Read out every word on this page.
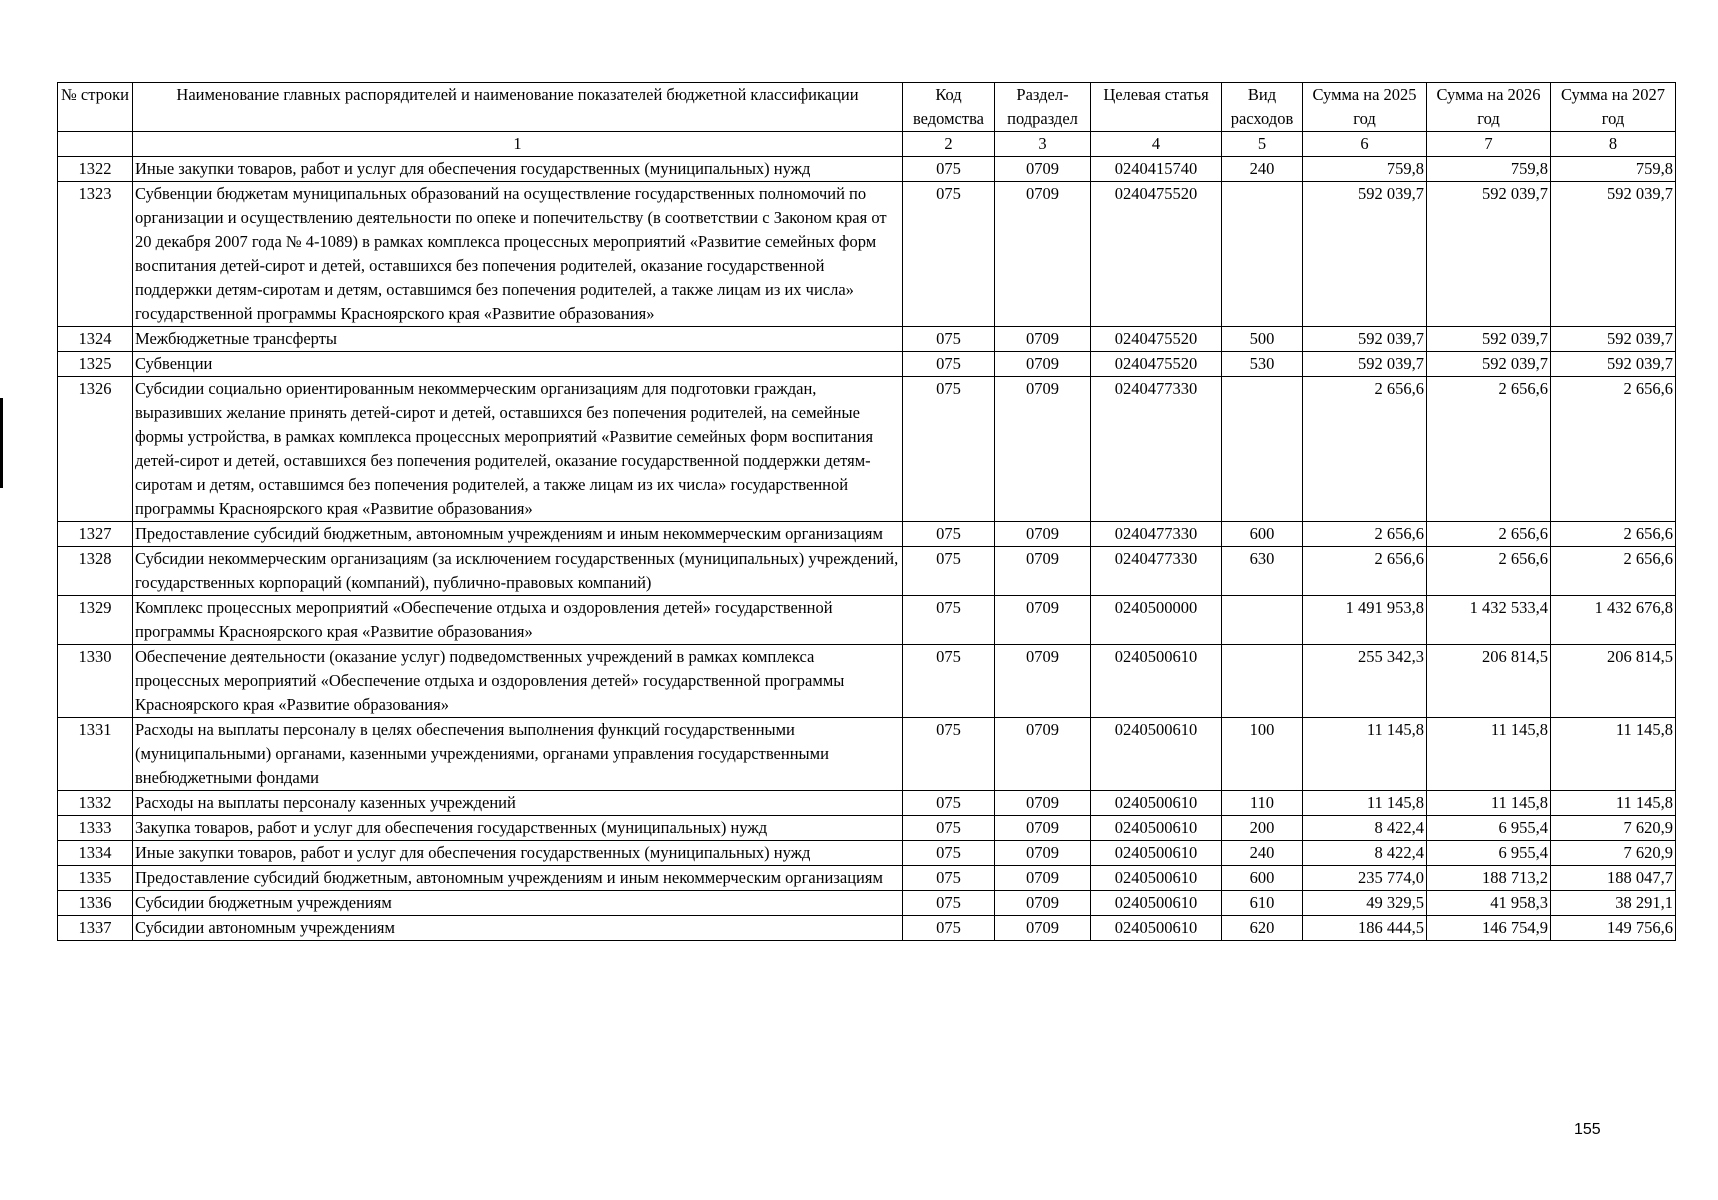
№ строки	Наименование главных распорядителей и наименование показателей бюджетной классификации	Код ведомства	Раздел-подраздел	Целевая статья	Вид расходов	Сумма на 2025 год	Сумма на 2026 год	Сумма на 2027 год
	1	2	3	4	5	6	7	8
1322	Иные закупки товаров, работ и услуг для обеспечения государственных (муниципальных) нужд	075	0709	0240415740	240	759,8	759,8	759,8
1323	Субвенции бюджетам муниципальных образований на осуществление государственных полномочий по организации и осуществлению деятельности по опеке и попечительству (в соответствии с Законом края от 20 декабря 2007 года № 4-1089) в рамках комплекса процессных мероприятий «Развитие семейных форм воспитания детей-сирот и детей, оставшихся без попечения родителей, оказание государственной поддержки детям-сиротам и детям, оставшимся без попечения родителей, а также лицам из их числа» государственной программы Красноярского края «Развитие образования»	075	0709	0240475520		592 039,7	592 039,7	592 039,7
1324	Межбюджетные трансферты	075	0709	0240475520	500	592 039,7	592 039,7	592 039,7
1325	Субвенции	075	0709	0240475520	530	592 039,7	592 039,7	592 039,7
1326	Субсидии социально ориентированным некоммерческим организациям для подготовки граждан, выразивших желание принять детей-сирот и детей, оставшихся без попечения родителей, на семейные формы устройства, в рамках комплекса процессных мероприятий «Развитие семейных форм воспитания детей-сирот и детей, оставшихся без попечения родителей, оказание государственной поддержки детям-сиротам и детям, оставшимся без попечения родителей, а также лицам из их числа» государственной программы Красноярского края «Развитие образования»	075	0709	0240477330		2 656,6	2 656,6	2 656,6
1327	Предоставление субсидий бюджетным, автономным учреждениям и иным некоммерческим организациям	075	0709	0240477330	600	2 656,6	2 656,6	2 656,6
1328	Субсидии некоммерческим организациям (за исключением государственных (муниципальных) учреждений, государственных корпораций (компаний), публично-правовых компаний)	075	0709	0240477330	630	2 656,6	2 656,6	2 656,6
1329	Комплекс процессных мероприятий «Обеспечение отдыха и оздоровления детей» государственной программы Красноярского края «Развитие образования»	075	0709	0240500000		1 491 953,8	1 432 533,4	1 432 676,8
1330	Обеспечение деятельности (оказание услуг) подведомственных учреждений в рамках комплекса процессных мероприятий «Обеспечение отдыха и оздоровления детей» государственной программы Красноярского края «Развитие образования»	075	0709	0240500610		255 342,3	206 814,5	206 814,5
1331	Расходы на выплаты персоналу в целях обеспечения выполнения функций государственными (муниципальными) органами, казенными учреждениями, органами управления государственными внебюджетными фондами	075	0709	0240500610	100	11 145,8	11 145,8	11 145,8
1332	Расходы на выплаты персоналу казенных учреждений	075	0709	0240500610	110	11 145,8	11 145,8	11 145,8
1333	Закупка товаров, работ и услуг для обеспечения государственных (муниципальных) нужд	075	0709	0240500610	200	8 422,4	6 955,4	7 620,9
1334	Иные закупки товаров, работ и услуг для обеспечения государственных (муниципальных) нужд	075	0709	0240500610	240	8 422,4	6 955,4	7 620,9
1335	Предоставление субсидий бюджетным, автономным учреждениям и иным некоммерческим организациям	075	0709	0240500610	600	235 774,0	188 713,2	188 047,7
1336	Субсидии бюджетным учреждениям	075	0709	0240500610	610	49 329,5	41 958,3	38 291,1
1337	Субсидии автономным учреждениям	075	0709	0240500610	620	186 444,5	146 754,9	149 756,6
155
